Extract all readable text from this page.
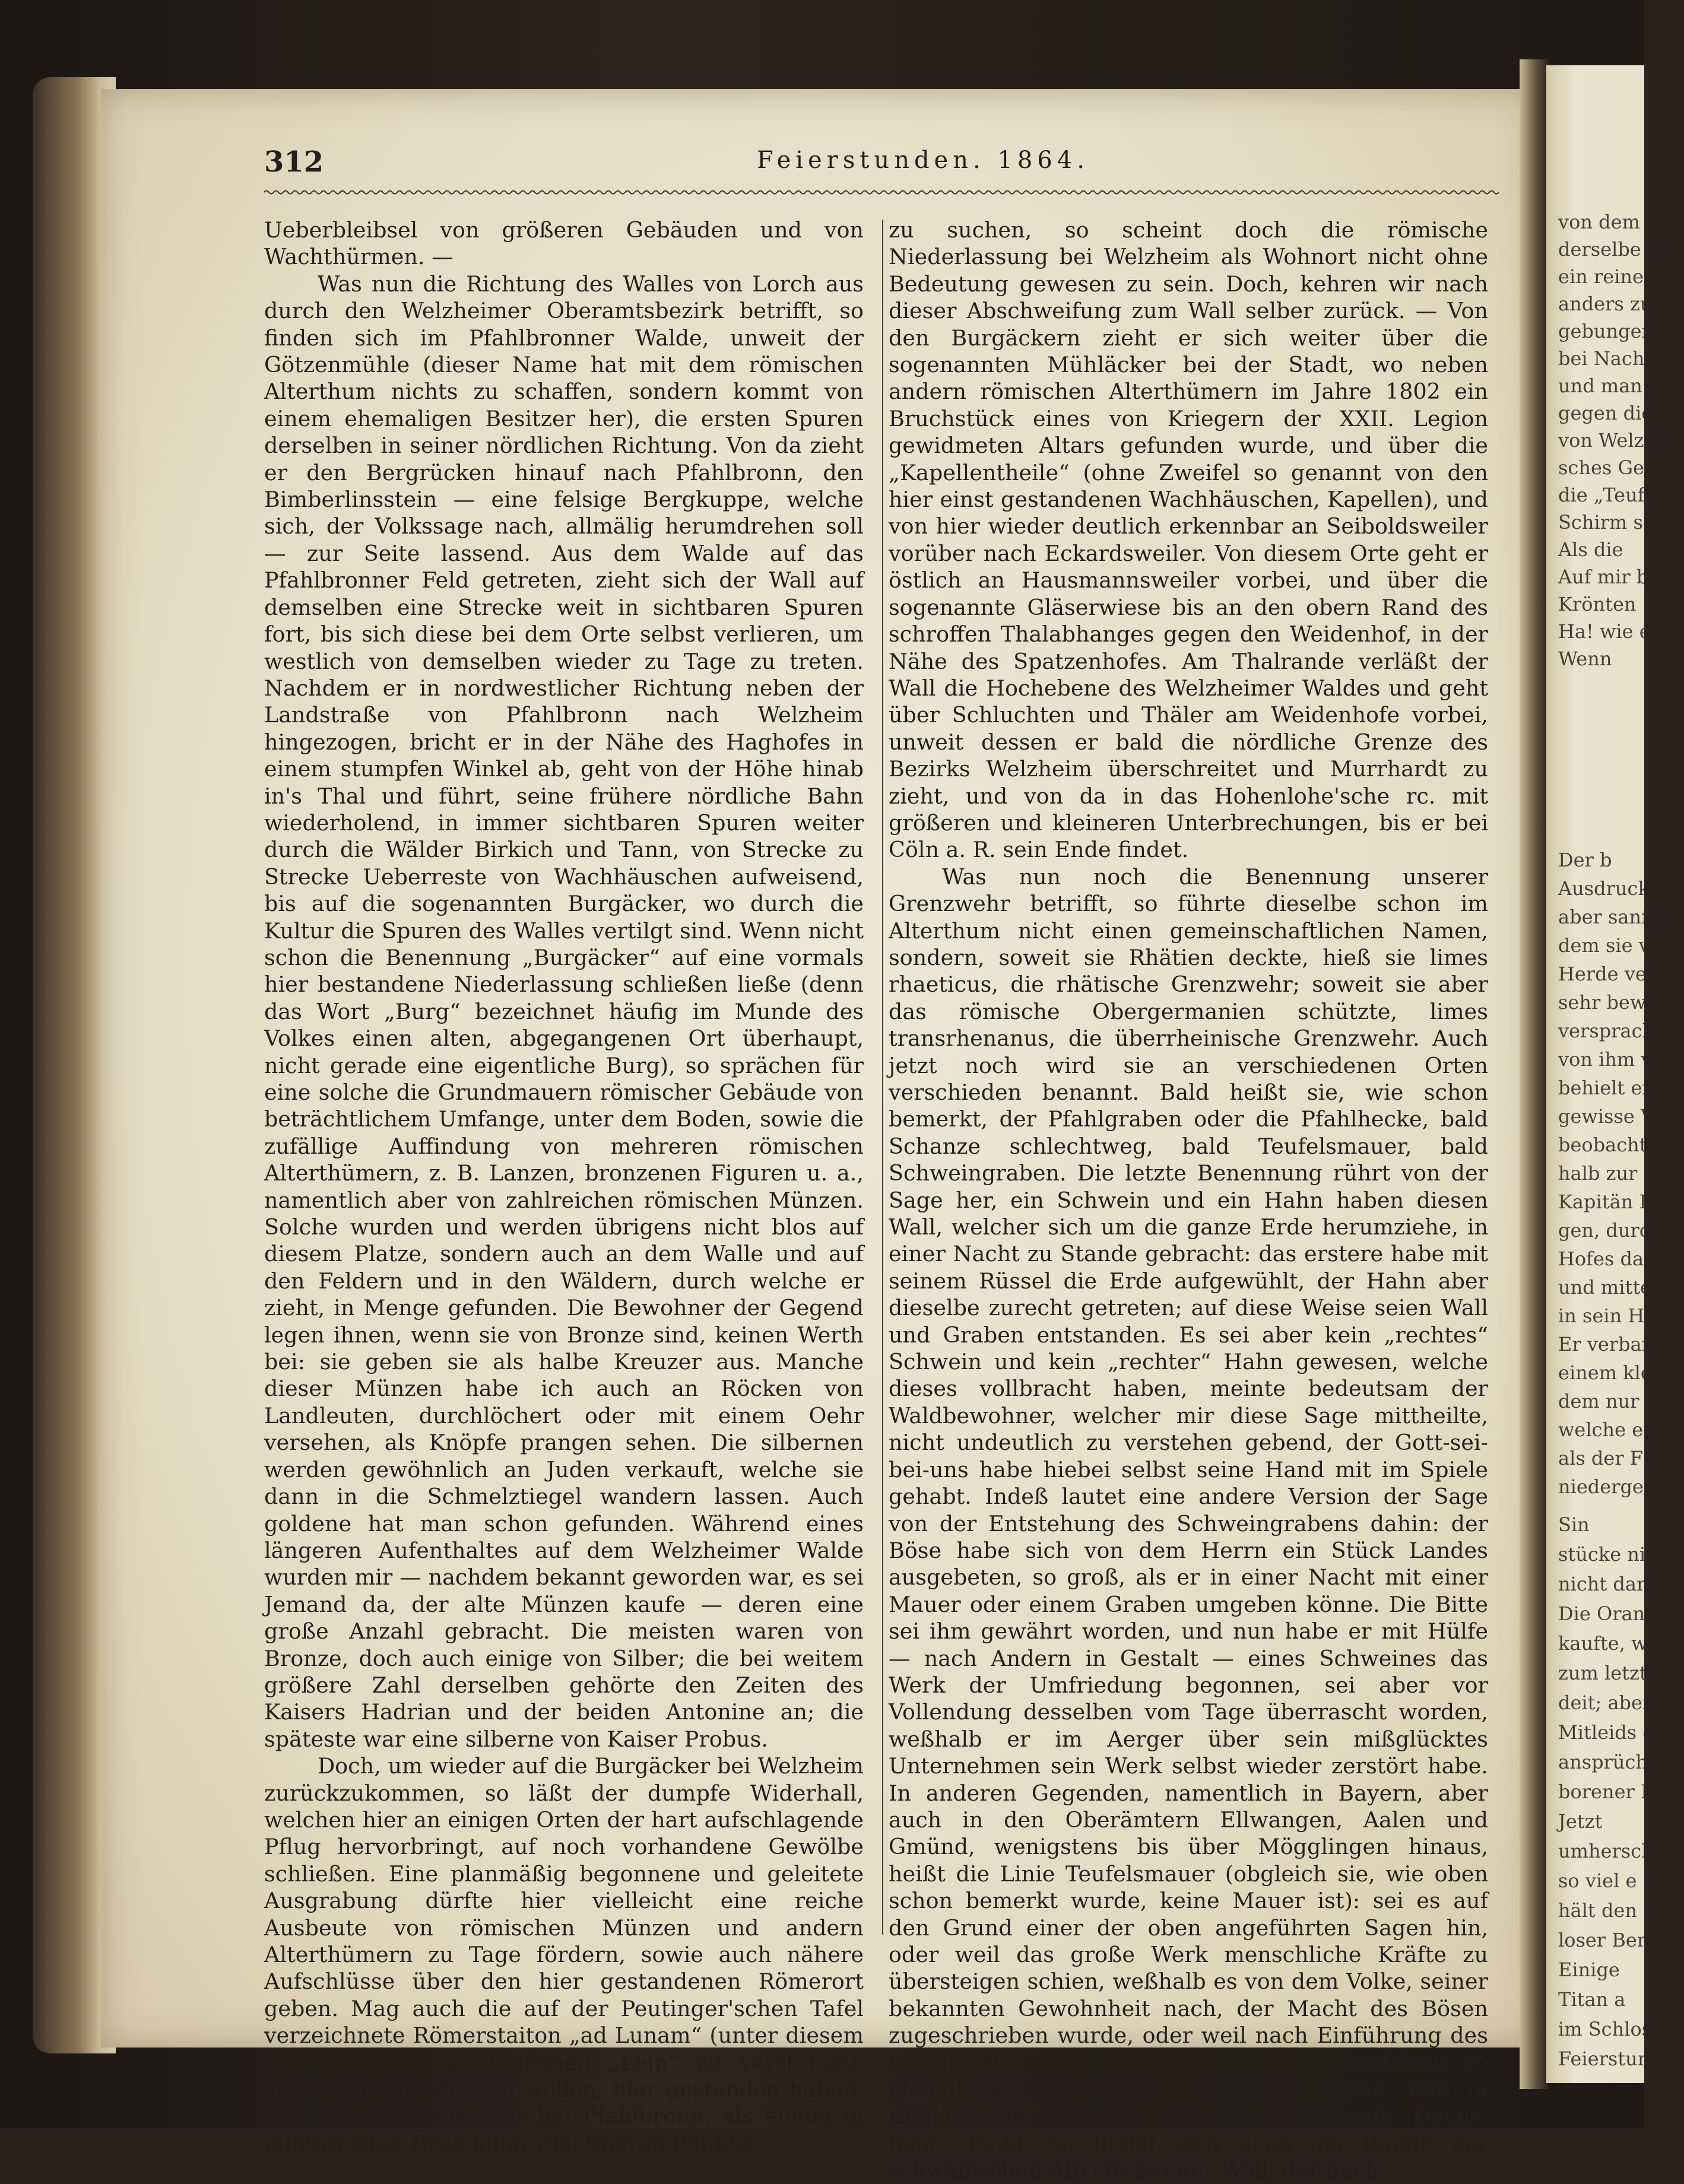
von dem B
derselbe ebe
ein reiner (
anders zu
gebungen m
bei Nacht f
und man u
gegen die M
von Welzhei
sches Gewan
die „Teufels
Schirm sein
Als die
Auf mir bli
Krönten
Ha! wie e
Wenn
Der b
Ausdruck h
aber sanfte
dem sie vo
Herde vertr
sehr bewe
versprach
von ihm v
behielt er
gewisse Vor
beobachten,
halb zur B
Kapitän F
gen, durch
Hofes da
und mittel
in sein Ha
Er verbarg
einem klein
dem nur e
welche er
als der F
niedergela
Sin
stücke nic
nicht dara
Die Orang
kaufte, wu
zum letzten
deit; aber
Mitleids e
ansprüchen
borener Ed
Jetzt
umherschlei
so viel e
hält den
loser Bemi
Einige
Titan a
im Schloss
Feierstun
312	Feierstunden. 1864.

Ueberbleibsel von größeren Gebäuden und von Wachthürmen. —

Was nun die Richtung des Walles von Lorch aus durch den Welzheimer Oberamtsbezirk betrifft, so finden sich im Pfahlbronner Walde, unweit der Götzenmühle (dieser Name hat mit dem römischen Alterthum nichts zu schaffen, sondern kommt von einem ehemaligen Besitzer her), die ersten Spuren derselben in seiner nördlichen Richtung. Von da zieht er den Bergrücken hinauf nach Pfahlbronn, den Bimberlinsstein — eine felsige Bergkuppe, welche sich, der Volkssage nach, allmälig herumdrehen soll — zur Seite lassend. Aus dem Walde auf das Pfahlbronner Feld getreten, zieht sich der Wall auf demselben eine Strecke weit in sichtbaren Spuren fort, bis sich diese bei dem Orte selbst verlieren, um westlich von demselben wieder zu Tage zu treten. Nachdem er in nordwestlicher Richtung neben der Landstraße von Pfahlbronn nach Welzheim hingezogen, bricht er in der Nähe des Haghofes in einem stumpfen Winkel ab, geht von der Höhe hinab in's Thal und führt, seine frühere nördliche Bahn wiederholend, in immer sichtbaren Spuren weiter durch die Wälder Birkich und Tann, von Strecke zu Strecke Ueberreste von Wachhäuschen aufweisend, bis auf die sogenannten Burgäcker, wo durch die Kultur die Spuren des Walles vertilgt sind. Wenn nicht schon die Benennung „Burgäcker“ auf eine vormals hier bestandene Niederlassung schließen ließe (denn das Wort „Burg“ bezeichnet häufig im Munde des Volkes einen alten, abgegangenen Ort überhaupt, nicht gerade eine eigentliche Burg), so sprächen für eine solche die Grundmauern römischer Gebäude von beträchtlichem Umfange, unter dem Boden, sowie die zufällige Auffindung von mehreren römischen Alterthümern, z. B. Lanzen, bronzenen Figuren u. a., namentlich aber von zahlreichen römischen Münzen. Solche wurden und werden übrigens nicht blos auf diesem Platze, sondern auch an dem Walle und auf den Feldern und in den Wäldern, durch welche er zieht, in Menge gefunden. Die Bewohner der Gegend legen ihnen, wenn sie von Bronze sind, keinen Werth bei: sie geben sie als halbe Kreuzer aus. Manche dieser Münzen habe ich auch an Röcken von Landleuten, durchlöchert oder mit einem Oehr versehen, als Knöpfe prangen sehen. Die silbernen werden gewöhnlich an Juden verkauft, welche sie dann in die Schmelztiegel wandern lassen. Auch goldene hat man schon gefunden. Während eines längeren Aufenthaltes auf dem Welzheimer Walde wurden mir — nachdem bekannt geworden war, es sei Jemand da, der alte Münzen kaufe — deren eine große Anzahl gebracht. Die meisten waren von Bronze, doch auch einige von Silber; die bei weitem größere Zahl derselben gehörte den Zeiten des Kaisers Hadrian und der beiden Antonine an; die späteste war eine silberne von Kaiser Probus.

Doch, um wieder auf die Burgäcker bei Welzheim zurückzukommen, so läßt der dumpfe Widerhall, welchen hier an einigen Orten der hart aufschlagende Pflug hervorbringt, auf noch vorhandene Gewölbe schließen. Eine planmäßig begonnene und geleitete Ausgrabung dürfte hier vielleicht eine reiche Ausbeute von römischen Münzen und andern Alterthümern zu Tage fördern, sowie auch nähere Aufschlüsse über den hier gestandenen Römerort geben. Mag auch die auf der Peutinger'schen Tafel verzeichnete Römerstaiton „ad Lunam“ (unter diesem Namen wäre das Flüßchen „Lein“ zu verstehen), nicht, wie die Meisten wollen, hier gestanden haben, sondern vielleicht eher bei Pfahlbronn, als einem in militärischer Beziehung wichtigeren Punkte,

zu suchen, so scheint doch die römische Niederlassung bei Welzheim als Wohnort nicht ohne Bedeutung gewesen zu sein. Doch, kehren wir nach dieser Abschweifung zum Wall selber zurück. — Von den Burgäckern zieht er sich weiter über die sogenannten Mühläcker bei der Stadt, wo neben andern römischen Alterthümern im Jahre 1802 ein Bruchstück eines von Kriegern der XXII. Legion gewidmeten Altars gefunden wurde, und über die „Kapellentheile“ (ohne Zweifel so genannt von den hier einst gestandenen Wachhäuschen, Kapellen), und von hier wieder deutlich erkennbar an Seiboldsweiler vorüber nach Eckardsweiler. Von diesem Orte geht er östlich an Hausmannsweiler vorbei, und über die sogenannte Gläserwiese bis an den obern Rand des schroffen Thalabhanges gegen den Weidenhof, in der Nähe des Spatzenhofes. Am Thalrande verläßt der Wall die Hochebene des Welzheimer Waldes und geht über Schluchten und Thäler am Weidenhofe vorbei, unweit dessen er bald die nördliche Grenze des Bezirks Welzheim überschreitet und Murrhardt zu zieht, und von da in das Hohenlohe'sche rc. mit größeren und kleineren Unterbrechungen, bis er bei Cöln a. R. sein Ende findet.

Was nun noch die Benennung unserer Grenzwehr betrifft, so führte dieselbe schon im Alterthum nicht einen gemeinschaftlichen Namen, sondern, soweit sie Rhätien deckte, hieß sie limes rhaeticus, die rhätische Grenzwehr; soweit sie aber das römische Obergermanien schützte, limes transrhenanus, die überrheinische Grenzwehr. Auch jetzt noch wird sie an verschiedenen Orten verschieden benannt. Bald heißt sie, wie schon bemerkt, der Pfahlgraben oder die Pfahlhecke, bald Schanze schlechtweg, bald Teufelsmauer, bald Schweingraben. Die letzte Benennung rührt von der Sage her, ein Schwein und ein Hahn haben diesen Wall, welcher sich um die ganze Erde herumziehe, in einer Nacht zu Stande gebracht: das erstere habe mit seinem Rüssel die Erde aufgewühlt, der Hahn aber dieselbe zurecht getreten; auf diese Weise seien Wall und Graben entstanden. Es sei aber kein „rechtes“ Schwein und kein „rechter“ Hahn gewesen, welche dieses vollbracht haben, meinte bedeutsam der Waldbewohner, welcher mir diese Sage mittheilte, nicht undeutlich zu verstehen gebend, der Gott-sei-bei-uns habe hiebei selbst seine Hand mit im Spiele gehabt. Indeß lautet eine andere Version der Sage von der Entstehung des Schweingrabens dahin: der Böse habe sich von dem Herrn ein Stück Landes ausgebeten, so groß, als er in einer Nacht mit einer Mauer oder einem Graben umgeben könne. Die Bitte sei ihm gewährt worden, und nun habe er mit Hülfe — nach Andern in Gestalt — eines Schweines das Werk der Umfriedung begonnen, sei aber vor Vollendung desselben vom Tage überrascht worden, weßhalb er im Aerger über sein mißglücktes Unternehmen sein Werk selbst wieder zerstört habe. In anderen Gegenden, namentlich in Bayern, aber auch in den Oberämtern Ellwangen, Aalen und Gmünd, wenigstens bis über Mögglingen hinaus, heißt die Linie Teufelsmauer (obgleich sie, wie oben schon bemerkt wurde, keine Mauer ist): sei es auf den Grund einer der oben angeführten Sagen hin, oder weil das große Werk menschliche Kräfte zu übersteigen schien, weßhalb es von dem Volke, seiner bekannten Gewohnheit nach, der Macht des Bösen zugeschrieben wurde, oder weil nach Einführung des Christenthums Heiden- und Teufelswerke gleichbedeutend waren. Abgesehen davon, daß in England ein ähnlicher Wall die Teufelsbank (Devils-banc) heißt, so findet sich oben am Rande der schwäbischen Alp ein zweiter Wall, der auch
